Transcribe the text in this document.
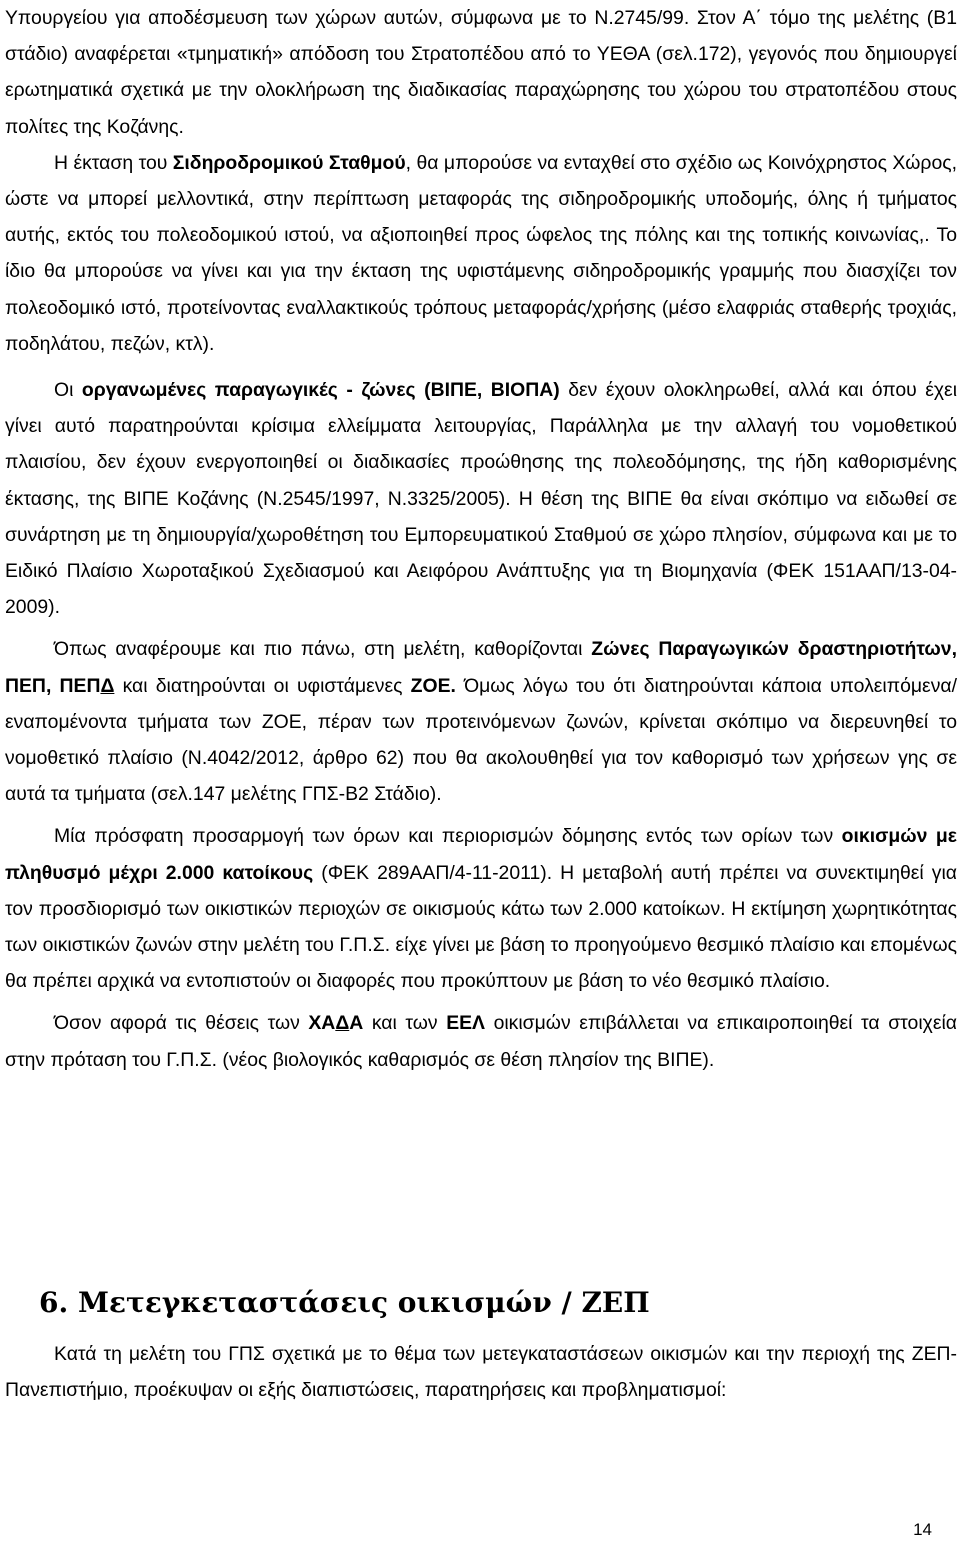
Υπουργείου για αποδέσμευση των χώρων αυτών, σύμφωνα με το Ν.2745/99. Στον Α΄ τόμο της μελέτης (Β1 στάδιο) αναφέρεται «τμηματική» απόδοση του Στρατοπέδου από το ΥΕΘΑ (σελ.172), γεγονός που δημιουργεί ερωτηματικά σχετικά με την ολοκλήρωση της διαδικασίας παραχώρησης του χώρου του στρατοπέδου στους πολίτες της Κοζάνης.

Η έκταση του Σιδηροδρομικού Σταθμού, θα μπορούσε να ενταχθεί στο σχέδιο ως Κοινόχρηστος Χώρος, ώστε να μπορεί μελλοντικά, στην περίπτωση μεταφοράς της σιδηροδρομικής υποδομής, όλης ή τμήματος αυτής, εκτός του πολεοδομικού ιστού, να αξιοποιηθεί προς ώφελος της πόλης και της τοπικής κοινωνίας,. Το ίδιο θα μπορούσε να γίνει και για την έκταση της υφιστάμενης σιδηροδρομικής γραμμής που διασχίζει τον πολεοδομικό ιστό, προτείνοντας εναλλακτικούς τρόπους μεταφοράς/χρήσης (μέσο ελαφριάς σταθερής τροχιάς, ποδηλάτου, πεζών, κτλ).

Οι οργανωμένες παραγωγικές - ζώνες (ΒΙΠΕ, ΒΙΟΠΑ) δεν έχουν ολοκληρωθεί, αλλά και όπου έχει γίνει αυτό παρατηρούνται κρίσιμα ελλείμματα λειτουργίας, Παράλληλα με την αλλαγή του νομοθετικού πλαισίου, δεν έχουν ενεργοποιηθεί οι διαδικασίες προώθησης της πολεοδόμησης, της ήδη καθορισμένης έκτασης, της ΒΙΠΕ Κοζάνης (Ν.2545/1997, Ν.3325/2005). Η θέση της ΒΙΠΕ θα είναι σκόπιμο να ειδωθεί σε συνάρτηση με τη δημιουργία/χωροθέτηση του Εμπορευματικού Σταθμού σε χώρο πλησίον, σύμφωνα και με το Ειδικό Πλαίσιο Χωροταξικού Σχεδιασμού και Αειφόρου Ανάπτυξης για τη Βιομηχανία (ΦΕΚ 151ΑΑΠ/13-04-2009).

Όπως αναφέρουμε και πιο πάνω, στη μελέτη, καθορίζονται Ζώνες Παραγωγικών δραστηριοτήτων, ΠΕΠ, ΠΕΠΔ και διατηρούνται οι υφιστάμενες ΖΟΕ. Όμως λόγω του ότι διατηρούνται κάποια υπολειπόμενα/εναπομένοντα τμήματα των ΖΟΕ, πέραν των προτεινόμενων ζωνών, κρίνεται σκόπιμο να διερευνηθεί το νομοθετικό πλαίσιο (Ν.4042/2012, άρθρο 62) που θα ακολουθηθεί για τον καθορισμό των χρήσεων γης σε αυτά τα τμήματα (σελ.147 μελέτης ΓΠΣ-Β2 Στάδιο).

Μία πρόσφατη προσαρμογή των όρων και περιορισμών δόμησης εντός των ορίων των οικισμών με πληθυσμό μέχρι 2.000 κατοίκους (ΦΕΚ 289ΑΑΠ/4-11-2011). Η μεταβολή αυτή πρέπει να συνεκτιμηθεί για τον προσδιορισμό των οικιστικών περιοχών σε οικισμούς κάτω των 2.000 κατοίκων. Η εκτίμηση χωρητικότητας των οικιστικών ζωνών στην μελέτη του Γ.Π.Σ. είχε γίνει με βάση το προηγούμενο θεσμικό πλαίσιο και επομένως θα πρέπει αρχικά να εντοπιστούν οι διαφορές που προκύπτουν με βάση το νέο θεσμικό πλαίσιο.

Όσον αφορά τις θέσεις των ΧΑΔΑ και των ΕΕΛ οικισμών επιβάλλεται να επικαιροποιηθεί τα στοιχεία στην πρόταση του Γ.Π.Σ. (νέος βιολογικός καθαρισμός σε θέση πλησίον της ΒΙΠΕ).

6. Μετεγκεταστάσεις οικισμών / ΖΕΠ

Κατά τη μελέτη του ΓΠΣ σχετικά με το θέμα των μετεγκαταστάσεων οικισμών και την περιοχή της ΖΕΠ-Πανεπιστήμιο, προέκυψαν οι εξής διαπιστώσεις, παρατηρήσεις και προβληματισμοί:

14
